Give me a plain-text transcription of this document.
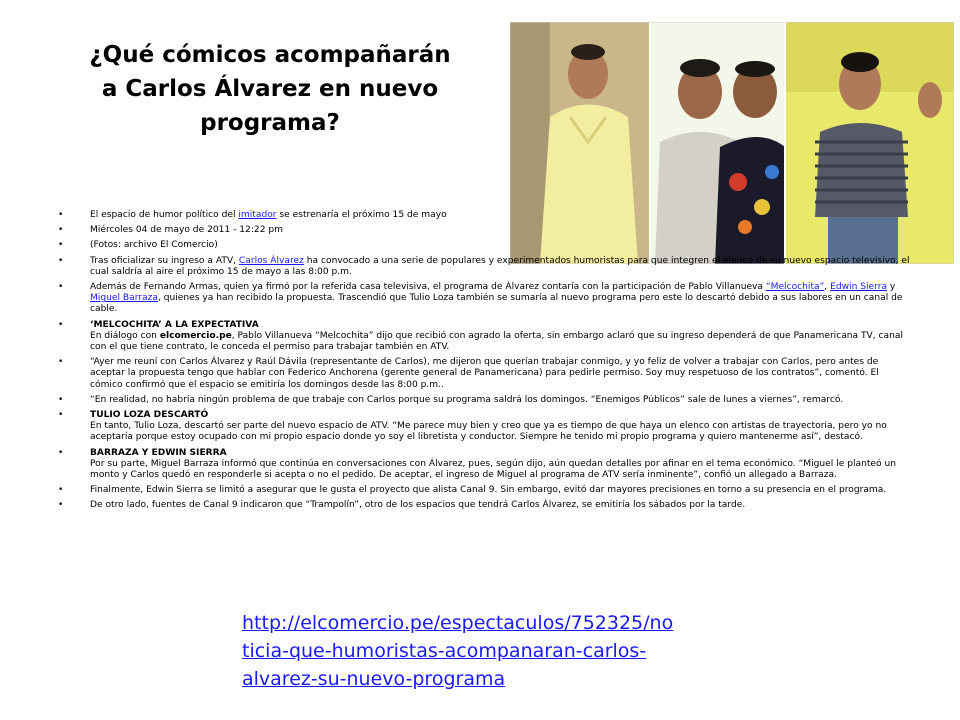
¿Qué cómicos acompañarán a Carlos Álvarez en nuevo programa?
• El espacio de humor político del imitador se estrenaría el próximo 15 de mayo
• Miércoles 04 de mayo de 2011 - 12:22 pm
• (Fotos: archivo El Comercio)
• Tras oficializar su ingreso a ATV, Carlos Álvarez ha convocado a una serie de populares y experimentados humoristas para que integren el elenco de su nuevo espacio televisivo, el cual saldría al aire el próximo 15 de mayo a las 8:00 p.m.
• Además de Fernando Armas, quien ya firmó por la referida casa televisiva, el programa de Álvarez contaría con la participación de Pablo Villanueva “Melcochita”, Edwin Sierra y Miguel Barraza, quienes ya han recibido la propuesta. Trascendió que Tulio Loza también se sumaría al nuevo programa pero este lo descartó debido a sus labores en un canal de cable.
• ‘MELCOCHITA’ A LA EXPECTATIVA
En diálogo con elcomercio.pe, Pablo Villanueva “Melcochita” dijo que recibió con agrado la oferta, sin embargo aclaró que su ingreso dependerá de que Panamericana TV, canal con el que tiene contrato, le conceda el permiso para trabajar también en ATV.
• “Ayer me reuní con Carlos Álvarez y Raúl Dávila (representante de Carlos), me dijeron que querían trabajar conmigo, y yo feliz de volver a trabajar con Carlos, pero antes de aceptar la propuesta tengo que hablar con Federico Anchorena (gerente general de Panamericana) para pedirle permiso. Soy muy respetuoso de los contratos”, comentó. El cómico confirmó que el espacio se emitiría los domingos desde las 8:00 p.m..
• “En realidad, no habría ningún problema de que trabaje con Carlos porque su programa saldrá los domingos. “Enemigos Públicos” sale de lunes a viernes”, remarcó.
• TULIO LOZA DESCARTÓ
En tanto, Tulio Loza, descartó ser parte del nuevo espacio de ATV. “Me parece muy bien y creo que ya es tiempo de que haya un elenco con artistas de trayectoria, pero yo no aceptaría porque estoy ocupado con mi propio espacio donde yo soy el libretista y conductor. Siempre he tenido mi propio programa y quiero mantenerme así”, destacó.
• BARRAZA Y EDWIN SIERRA
Por su parte, Miguel Barraza informó que continúa en conversaciones con Álvarez, pues, según dijo, aún quedan detalles por afinar en el tema económico. “Miguel le planteó un monto y Carlos quedó en responderle si acepta o no el pedido. De aceptar, el ingreso de Miguel al programa de ATV sería inminente”, confió un allegado a Barraza.
• Finalmente, Edwin Sierra se limitó a asegurar que le gusta el proyecto que alista Canal 9. Sin embargo, evitó dar mayores precisiones en torno a su presencia en el programa.
• De otro lado, fuentes de Canal 9 indicaron que “Trampolín”, otro de los espacios que tendrá Carlos Álvarez, se emitiría los sábados por la tarde.
http://elcomercio.pe/espectaculos/752325/no
ticia-que-humoristas-acompanaran-carlos-
alvarez-su-nuevo-programa
